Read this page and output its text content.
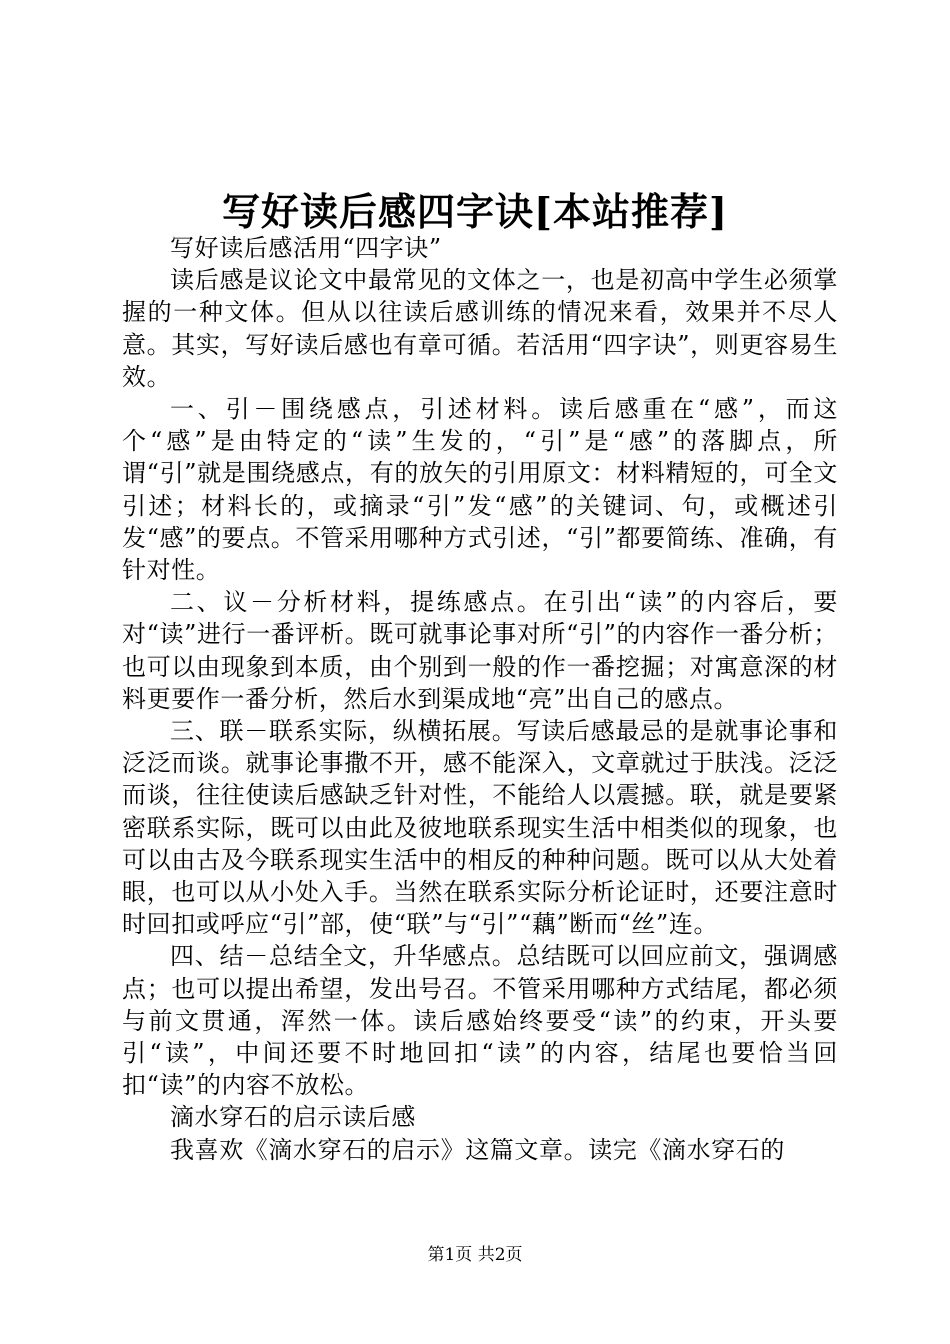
写好读后感四字诀[本站推荐]

写好读后感活用“四字诀”

读后感是议论文中最常见的文体之一，也是初高中学生必须掌握的一种文体。但从以往读后感训练的情况来看，效果并不尽人意。其实，写好读后感也有章可循。若活用“四字诀”，则更容易生效。

一、引－围绕感点，引述材料。读后感重在“感”，而这个“感”是由特定的“读”生发的，“引”是“感”的落脚点，所谓“引”就是围绕感点，有的放矢的引用原文：材料精短的，可全文引述；材料长的，或摘录“引”发“感”的关键词、句，或概述引发“感”的要点。不管采用哪种方式引述，“引”都要简练、准确，有针对性。

二、议－分析材料，提练感点。在引出“读”的内容后，要对“读”进行一番评析。既可就事论事对所“引”的内容作一番分析；也可以由现象到本质，由个别到一般的作一番挖掘；对寓意深的材料更要作一番分析，然后水到渠成地“亮”出自己的感点。

三、联－联系实际，纵横拓展。写读后感最忌的是就事论事和泛泛而谈。就事论事撒不开，感不能深入，文章就过于肤浅。泛泛而谈，往往使读后感缺乏针对性，不能给人以震撼。联，就是要紧密联系实际，既可以由此及彼地联系现实生活中相类似的现象，也可以由古及今联系现实生活中的相反的种种问题。既可以从大处着眼，也可以从小处入手。当然在联系实际分析论证时，还要注意时时回扣或呼应“引”部，使“联”与“引”“藕”断而“丝”连。

四、结－总结全文，升华感点。总结既可以回应前文，强调感点；也可以提出希望，发出号召。不管采用哪种方式结尾，都必须与前文贯通，浑然一体。读后感始终要受“读”的约束，开头要引“读”，中间还要不时地回扣“读”的内容，结尾也要恰当回扣“读”的内容不放松。

滴水穿石的启示读后感

我喜欢《滴水穿石的启示》这篇文章。读完《滴水穿石的

第1页 共2页
